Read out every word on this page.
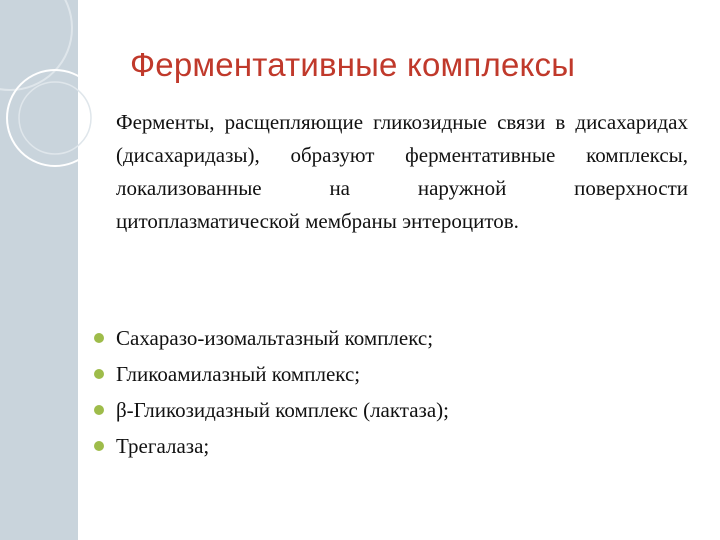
Ферментативные комплексы
Ферменты, расщепляющие гликозидные связи в дисахаридах (дисахаридазы), образуют ферментативные комплексы, локализованные на наружной поверхности цитоплазматической мембраны энтероцитов.
Сахаразо-изомальтазный комплекс;
Гликоамилазный комплекс;
β-Гликозидазный комплекс (лактаза);
Трегалаза;
